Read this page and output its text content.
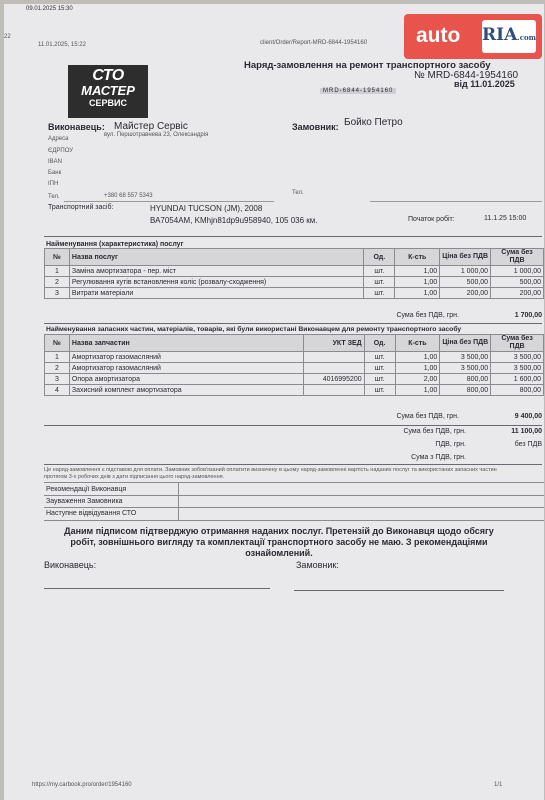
09.01.2025 15:30
22
11.01.2025, 15:22	client/Order/Report-MRD-6844-1954160 auto RIA.com
СТО
МАСТЕР
СЕРВИС
Наряд-замовлення на ремонт транспортного засобу
№ MRD-6844-1954160
від 11.01.2025
MRD-6844-1954160
Виконавець: Майстер Сервіс
Адреса
вул. Першотравнева 23, Олександрія
ЄДРПОУ
IBAN
Банк
ІПН
Тел.	+380 68 557 5343
Замовник: Бойко Петро
Тел.
Транспортний засіб:	HYUNDAI TUCSON (JM), 2008
ВА7054АМ, KMhjn81dp9u958940, 105 036 км.	Початок робіт:	11.1.25 15:00
Найменування (характеристика) послуг
№	Назва послуг	Од.	К-сть	Ціна без ПДВ	Сума без ПДВ
1	Заміна амортизатора - пер. міст	шт.	1,00	1 000,00	1 000,00
2	Регулювання кутів встановлення коліс (розвалу-сходження)	шт.	1,00	500,00	500,00
3	Витрати матеріали	шт.	1,00	200,00	200,00
Сума без ПДВ, грн.	1 700,00
Найменування запасних частин, матеріалів, товарів, які були використані Виконавцем для ремонту транспортного засобу
№	Назва запчастин	УКТ ЗЕД	Од.	К-сть	Ціна без ПДВ	Сума без ПДВ
1	Амортизатор газомасляний		шт.	1,00	3 500,00	3 500,00
2	Амортизатор газомасляний		шт.	1,00	3 500,00	3 500,00
3	Опора амортизатора	4016995200	шт.	2,00	800,00	1 600,00
4	Захисний комплект амортизатора		шт.	1,00	800,00	800,00
Сума без ПДВ, грн.	9 400,00
Сума без ПДВ, грн.	11 100,00
ПДВ, грн.	без ПДВ
Сума з ПДВ, грн.
Це наряд-замовлення є підставою для оплати. Замовник зобов'язаний оплатити визначену в цьому наряд-замовленні вартість наданих послуг та використаних запасних частин протягом 3-х робочих днів з дати підписання цього наряд-замовлення.
Рекомендації Виконавця
Зауваження Замовника
Наступне відвідування СТО
Даним підписом підтверджую отримання наданих послуг. Претензій до Виконавця щодо обсягу робіт, зовнішнього вигляду та комплектації транспортного засобу не маю. З рекомендаціями ознайомлений.
Виконавець:	Замовник:
https://my.carbook.pro/order/1954160	1/1
